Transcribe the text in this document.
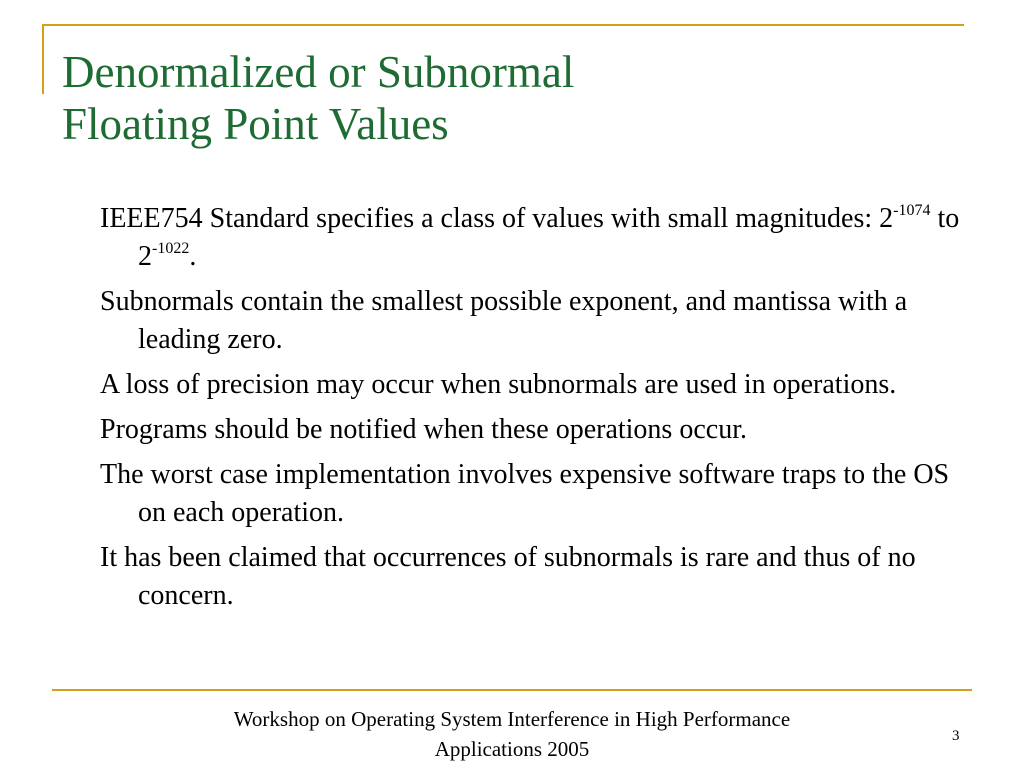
Denormalized or Subnormal
Floating Point Values
IEEE754 Standard specifies a class of values with small magnitudes: $2^{-1074}$ to $2^{-1022}$.
Subnormals contain the smallest possible exponent, and mantissa with a leading zero.
A loss of precision may occur when subnormals are used in operations.
Programs should be notified when these operations occur.
The worst case implementation involves expensive software traps to the OS on each operation.
It has been claimed that occurrences of subnormals is rare and thus of no concern.
Workshop on Operating System Interference in High Performance
Applications 2005
3
